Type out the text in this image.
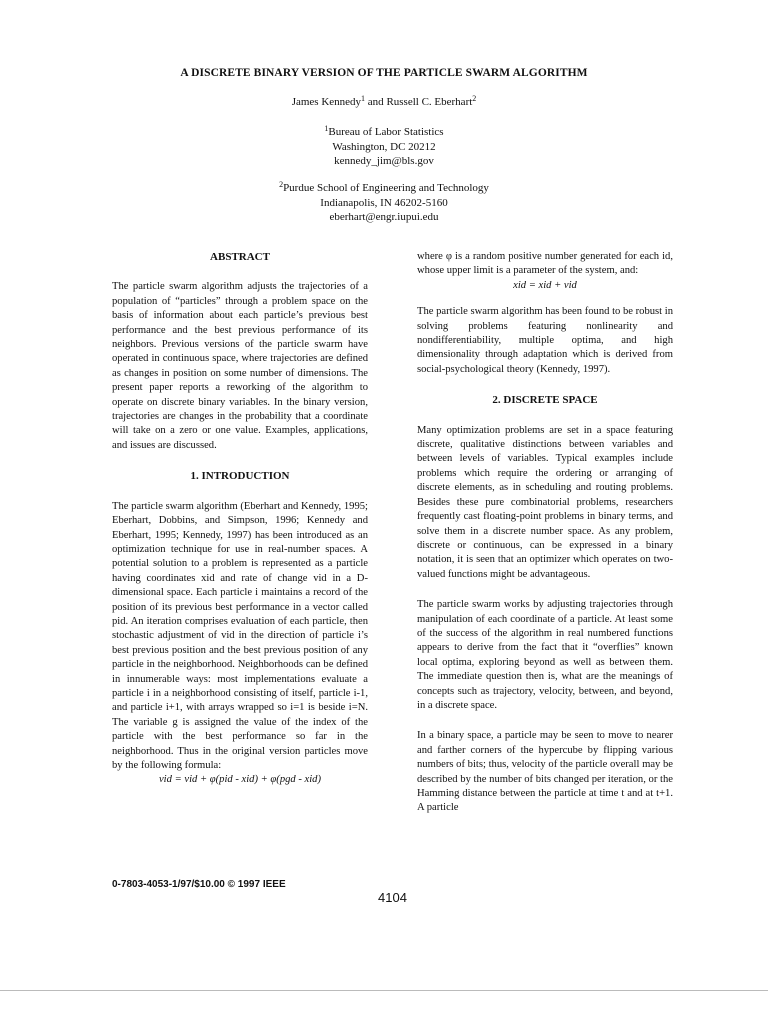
A DISCRETE BINARY VERSION OF THE PARTICLE SWARM ALGORITHM
James Kennedy$^1$ and Russell C. Eberhart$^2$
$^1$Bureau of Labor Statistics
Washington, DC 20212
kennedy_jim@bls.gov
$^2$Purdue School of Engineering and Technology
Indianapolis, IN 46202-5160
eberhart@engr.iupui.edu
ABSTRACT

The particle swarm algorithm adjusts the trajectories of a population of “particles” through a problem space on the basis of information about each particle’s previous best performance and the best previous performance of its neighbors. Previous versions of the particle swarm have operated in continuous space, where trajectories are defined as changes in position on some number of dimensions. The present paper reports a reworking of the algorithm to operate on discrete binary variables. In the binary version, trajectories are changes in the probability that a coordinate will take on a zero or one value. Examples, applications, and issues are discussed.

1. INTRODUCTION

The particle swarm algorithm (Eberhart and Kennedy, 1995; Eberhart, Dobbins, and Simpson, 1996; Kennedy and Eberhart, 1995; Kennedy, 1997) has been introduced as an optimization technique for use in real-number spaces. A potential solution to a problem is represented as a particle having coordinates xid and rate of change vid in a D-dimensional space. Each particle i maintains a record of the position of its previous best performance in a vector called pid. An iteration comprises evaluation of each particle, then stochastic adjustment of vid in the direction of particle i’s best previous position and the best previous position of any particle in the neighborhood. Neighborhoods can be defined in innumerable ways: most implementations evaluate a particle i in a neighborhood consisting of itself, particle i-1, and particle i+1, with arrays wrapped so i=1 is beside i=N. The variable g is assigned the value of the index of the particle with the best performance so far in the neighborhood. Thus in the original version particles move by the following formula:

vid = vid + φ(pid - xid) + φ(pgd - xid)

where φ is a random positive number generated for each id, whose upper limit is a parameter of the system, and:

xid = xid + vid

The particle swarm algorithm has been found to be robust in solving problems featuring nonlinearity and nondifferentiability, multiple optima, and high dimensionality through adaptation which is derived from social-psychological theory (Kennedy, 1997).

2. DISCRETE SPACE

Many optimization problems are set in a space featuring discrete, qualitative distinctions between variables and between levels of variables. Typical examples include problems which require the ordering or arranging of discrete elements, as in scheduling and routing problems. Besides these pure combinatorial problems, researchers frequently cast floating-point problems in binary terms, and solve them in a discrete number space. As any problem, discrete or continuous, can be expressed in a binary notation, it is seen that an optimizer which operates on two-valued functions might be advantageous.

The particle swarm works by adjusting trajectories through manipulation of each coordinate of a particle. At least some of the success of the algorithm in real numbered functions appears to derive from the fact that it “overflies” known local optima, exploring beyond as well as between them. The immediate question then is, what are the meanings of concepts such as trajectory, velocity, between, and beyond, in a discrete space.

In a binary space, a particle may be seen to move to nearer and farther corners of the hypercube by flipping various numbers of bits; thus, velocity of the particle overall may be described by the number of bits changed per iteration, or the Hamming distance between the particle at time t and at t+1. A particle

0-7803-4053-1/97/$10.00 © 1997 IEEE
4104
